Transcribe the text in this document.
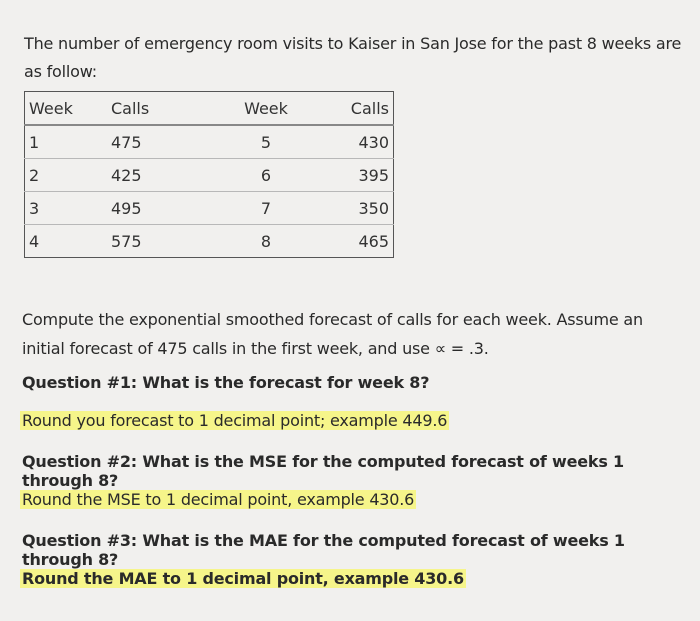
The number of emergency room visits to Kaiser in San Jose for the past 8 weeks are as follow:
Week	Calls	Week	Calls
1	475	5	430
2	425	6	395
3	495	7	350
4	575	8	465
Compute the exponential smoothed forecast of calls for each week. Assume an initial forecast of 475 calls in the first week, and use ∝ = .3.
Question #1: What is the forecast for week 8?
Round you forecast to 1 decimal point; example 449.6
Question #2: What is the MSE for the computed forecast of weeks 1 through 8?
Round the MSE to 1 decimal point, example 430.6
Question #3: What is the MAE for the computed forecast of weeks 1 through 8?
Round the MAE to 1 decimal point, example 430.6
